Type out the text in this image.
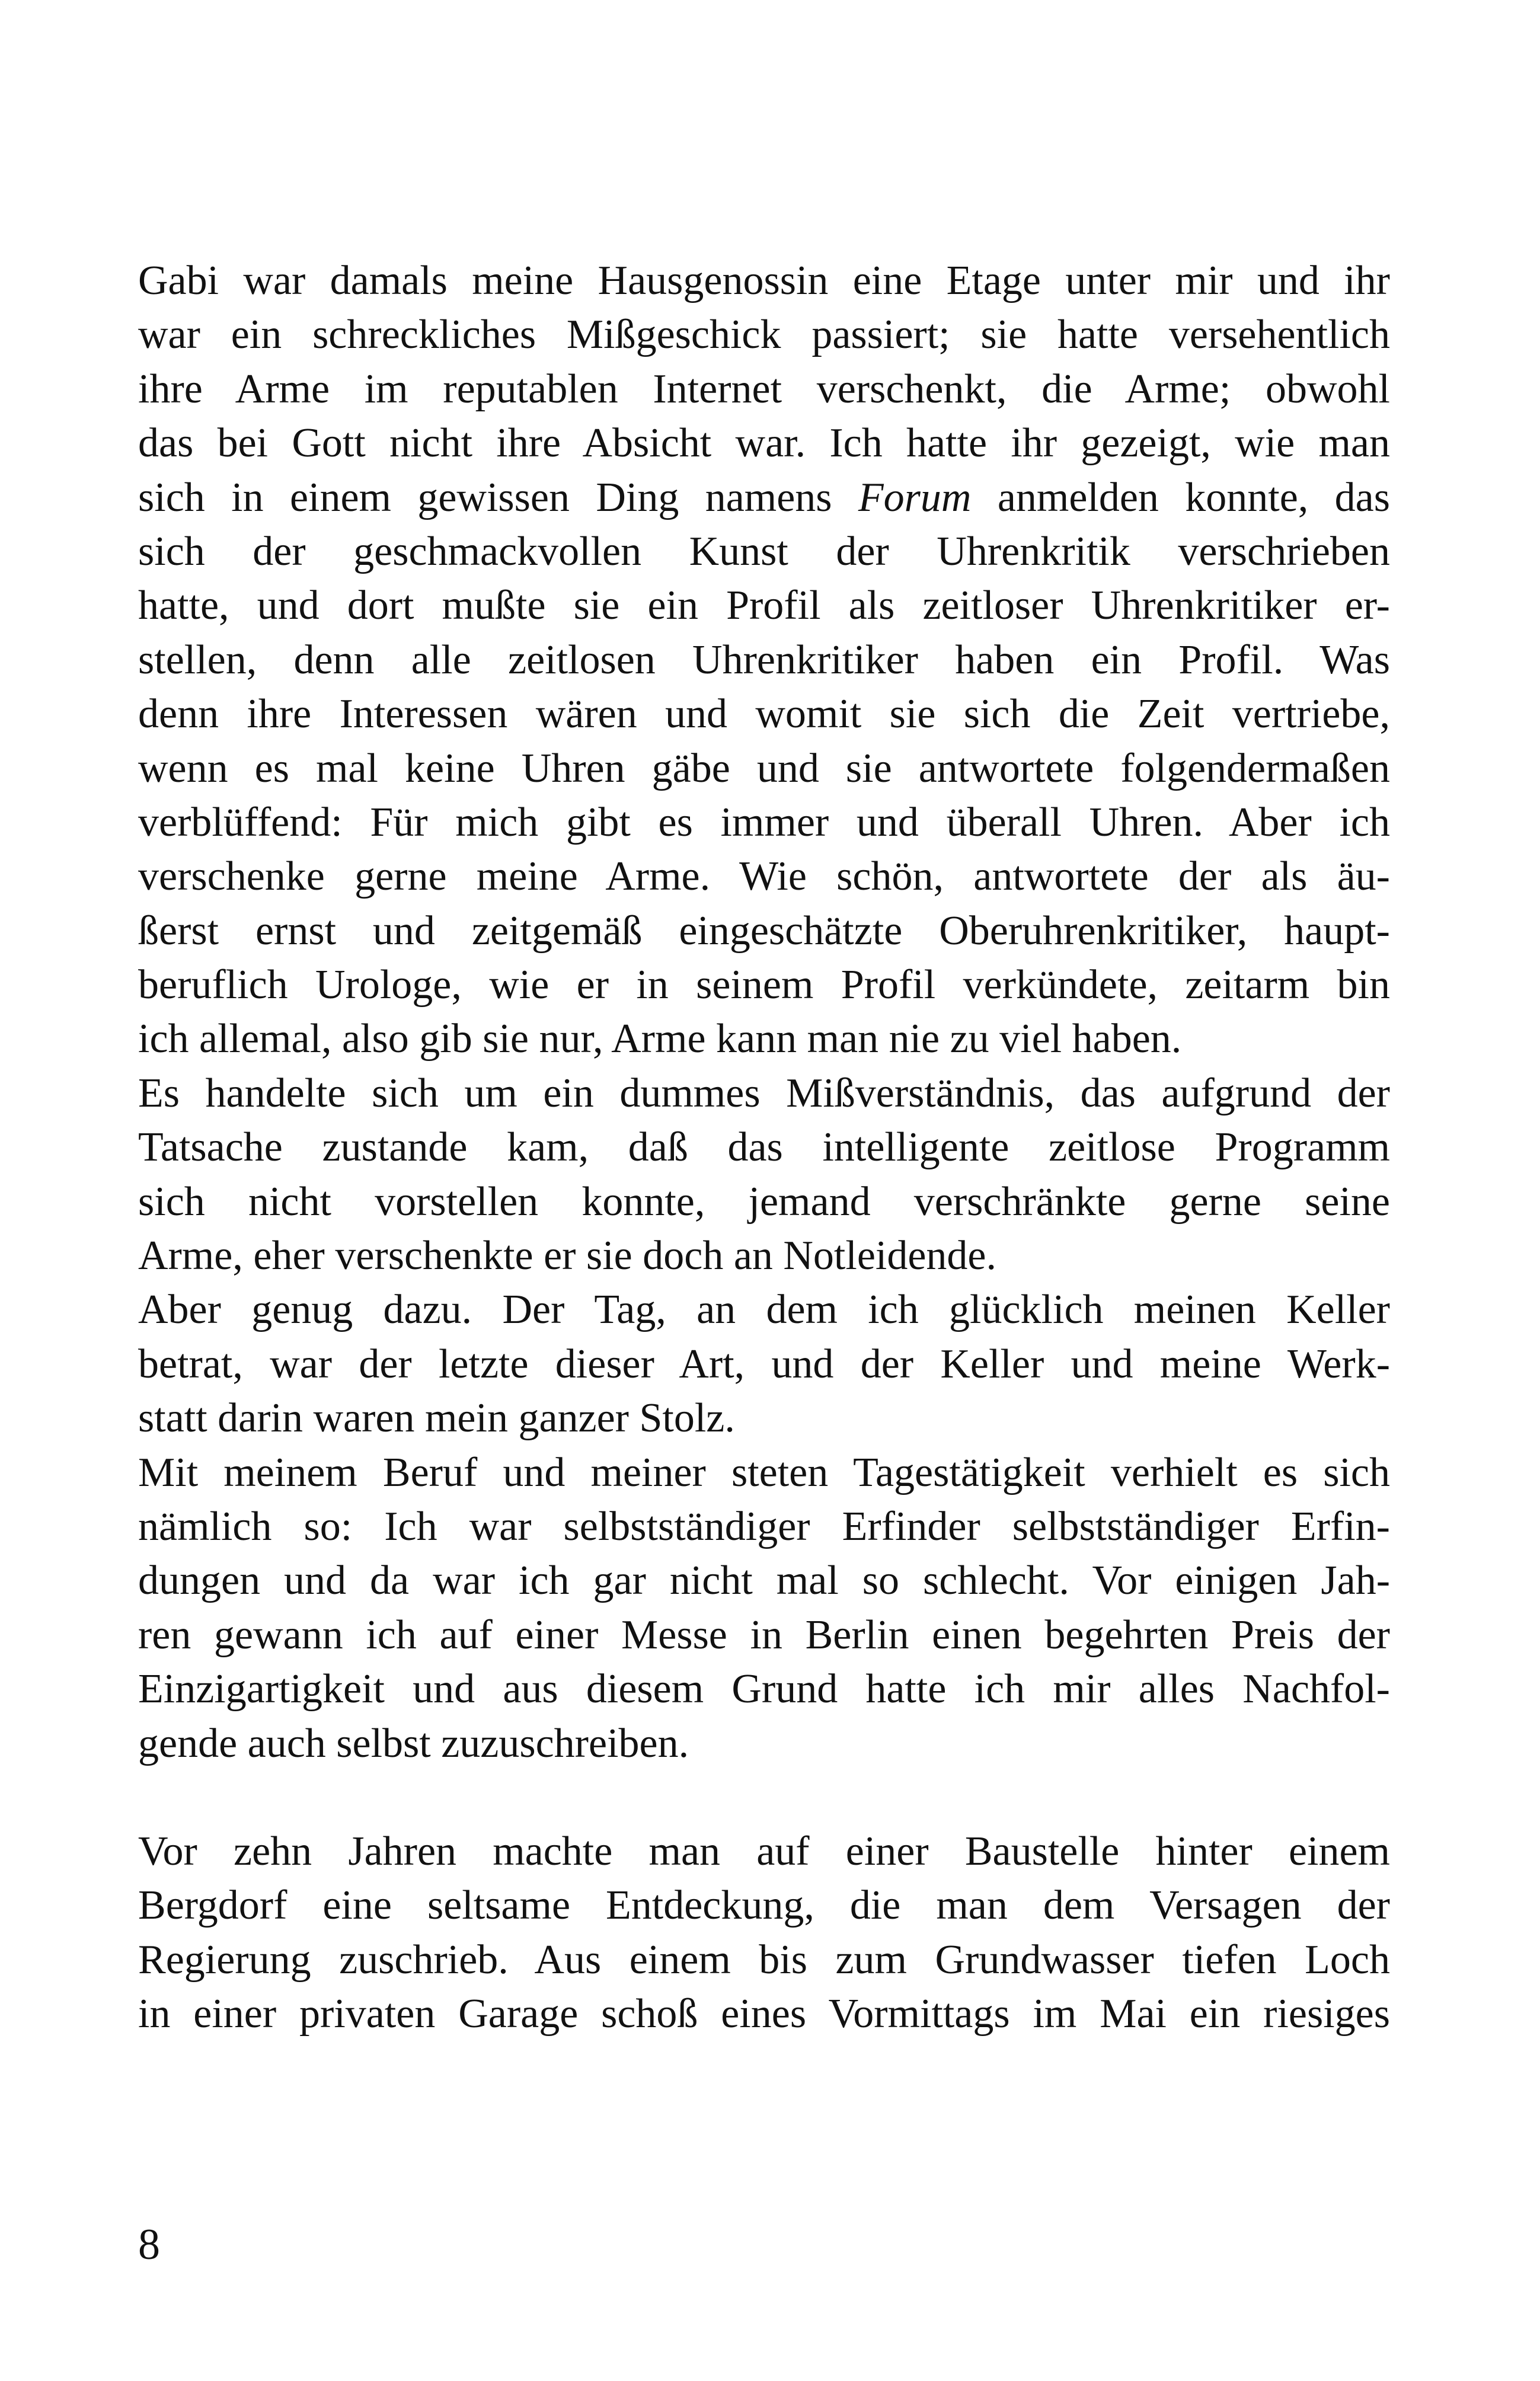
Gabi war damals meine Hausgenossin eine Etage unter mir und ihr
war ein schreckliches Mißgeschick passiert; sie hatte versehentlich
ihre Arme im reputablen Internet verschenkt, die Arme; obwohl
das bei Gott nicht ihre Absicht war. Ich hatte ihr gezeigt, wie man
sich in einem gewissen Ding namens Forum anmelden konnte, das
sich der geschmackvollen Kunst der Uhrenkritik verschrieben
hatte, und dort mußte sie ein Profil als zeitloser Uhrenkritiker er-
stellen, denn alle zeitlosen Uhrenkritiker haben ein Profil. Was
denn ihre Interessen wären und womit sie sich die Zeit vertriebe,
wenn es mal keine Uhren gäbe und sie antwortete folgendermaßen
verblüffend: Für mich gibt es immer und überall Uhren. Aber ich
verschenke gerne meine Arme. Wie schön, antwortete der als äu-
ßerst ernst und zeitgemäß eingeschätzte Oberuhrenkritiker, haupt-
beruflich Urologe, wie er in seinem Profil verkündete, zeitarm bin
ich allemal, also gib sie nur, Arme kann man nie zu viel haben.
Es handelte sich um ein dummes Mißverständnis, das aufgrund der
Tatsache zustande kam, daß das intelligente zeitlose Programm
sich nicht vorstellen konnte, jemand verschränkte gerne seine
Arme, eher verschenkte er sie doch an Notleidende.
Aber genug dazu. Der Tag, an dem ich glücklich meinen Keller
betrat, war der letzte dieser Art, und der Keller und meine Werk-
statt darin waren mein ganzer Stolz.
Mit meinem Beruf und meiner steten Tagestätigkeit verhielt es sich
nämlich so: Ich war selbstständiger Erfinder selbstständiger Erfin-
dungen und da war ich gar nicht mal so schlecht. Vor einigen Jah-
ren gewann ich auf einer Messe in Berlin einen begehrten Preis der
Einzigartigkeit und aus diesem Grund hatte ich mir alles Nachfol-
gende auch selbst zuzuschreiben.
Vor zehn Jahren machte man auf einer Baustelle hinter einem
Bergdorf eine seltsame Entdeckung, die man dem Versagen der
Regierung zuschrieb. Aus einem bis zum Grundwasser tiefen Loch
in einer privaten Garage schoß eines Vormittags im Mai ein riesiges
8
